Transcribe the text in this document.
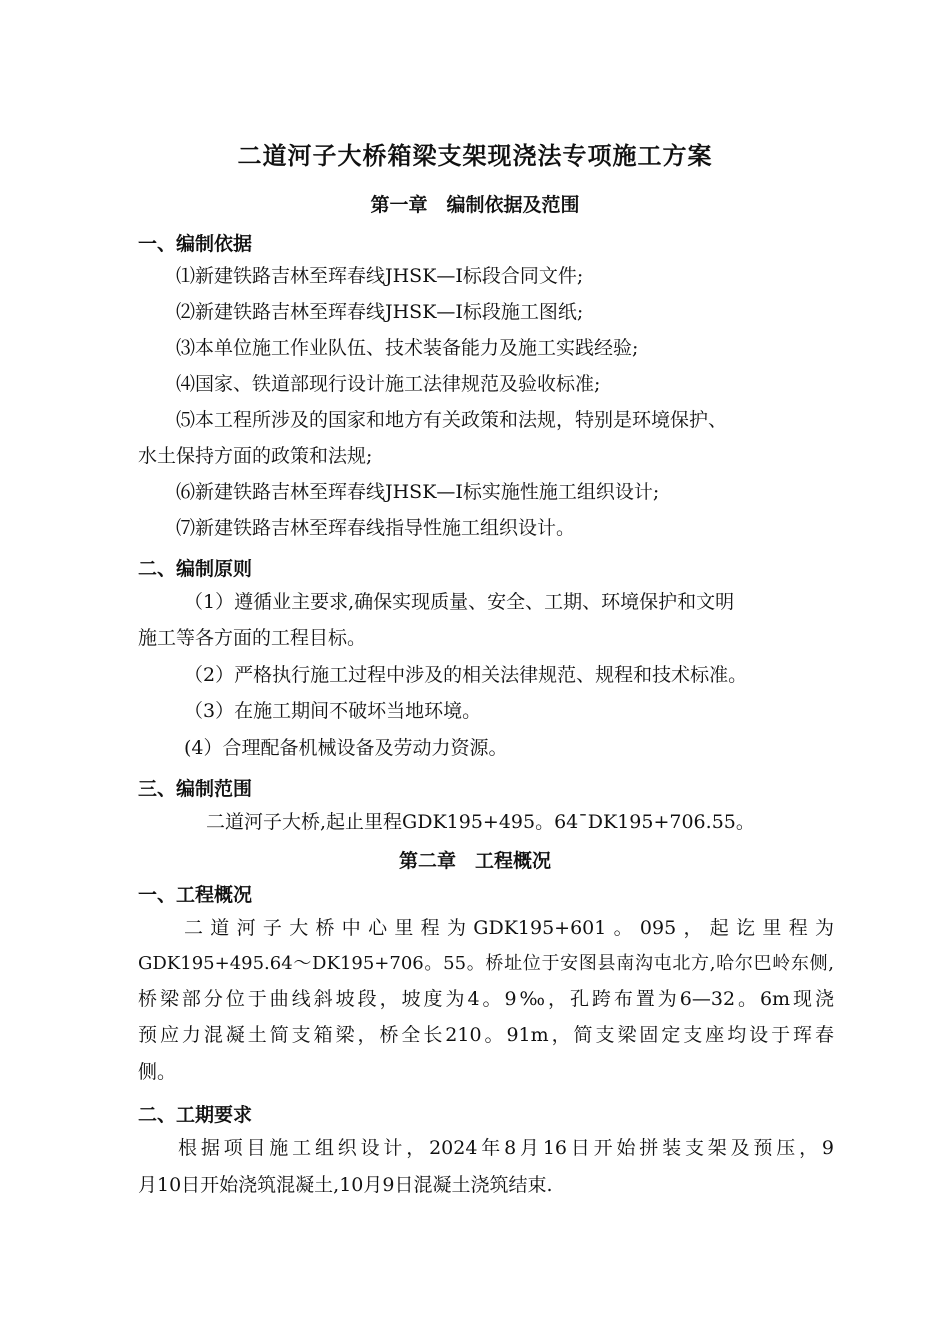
二道河子大桥箱梁支架现浇法专项施工方案
第一章　编制依据及范围
一、编制依据
⑴新建铁路吉林至珲春线JHSK—Ⅰ标段合同文件;
⑵新建铁路吉林至珲春线JHSK—Ⅰ标段施工图纸;
⑶本单位施工作业队伍、技术装备能力及施工实践经验;
⑷国家、铁道部现行设计施工法律规范及验收标准;
⑸本工程所涉及的国家和地方有关政策和法规，特别是环境保护、
水土保持方面的政策和法规;
⑹新建铁路吉林至珲春线JHSK—Ⅰ标实施性施工组织设计;
⑺新建铁路吉林至珲春线指导性施工组织设计。
二、编制原则
（1）遵循业主要求,确保实现质量、安全、工期、环境保护和文明
施工等各方面的工程目标。
（2）严格执行施工过程中涉及的相关法律规范、规程和技术标准。
（3）在施工期间不破坏当地环境。
(4）合理配备机械设备及劳动力资源。
三、编制范围
二道河子大桥,起止里程GDK195+495。64¯DK195+706.55。
第二章　工程概况
一、工程概况
二道河子大桥中心里程为GDK195+601。095，起讫里程为
GDK195+495.64～DK195+706。55。桥址位于安图县南沟屯北方,哈尔巴岭东侧,
桥梁部分位于曲线斜坡段，坡度为4。9‰，孔跨布置为6—32。6m现浇
预应力混凝土简支箱梁，桥全长210。91m，简支梁固定支座均设于珲春
侧。
二、工期要求
根据项目施工组织设计，2024年8月16日开始拼装支架及预压，9
月10日开始浇筑混凝土,10月9日混凝土浇筑结束.
